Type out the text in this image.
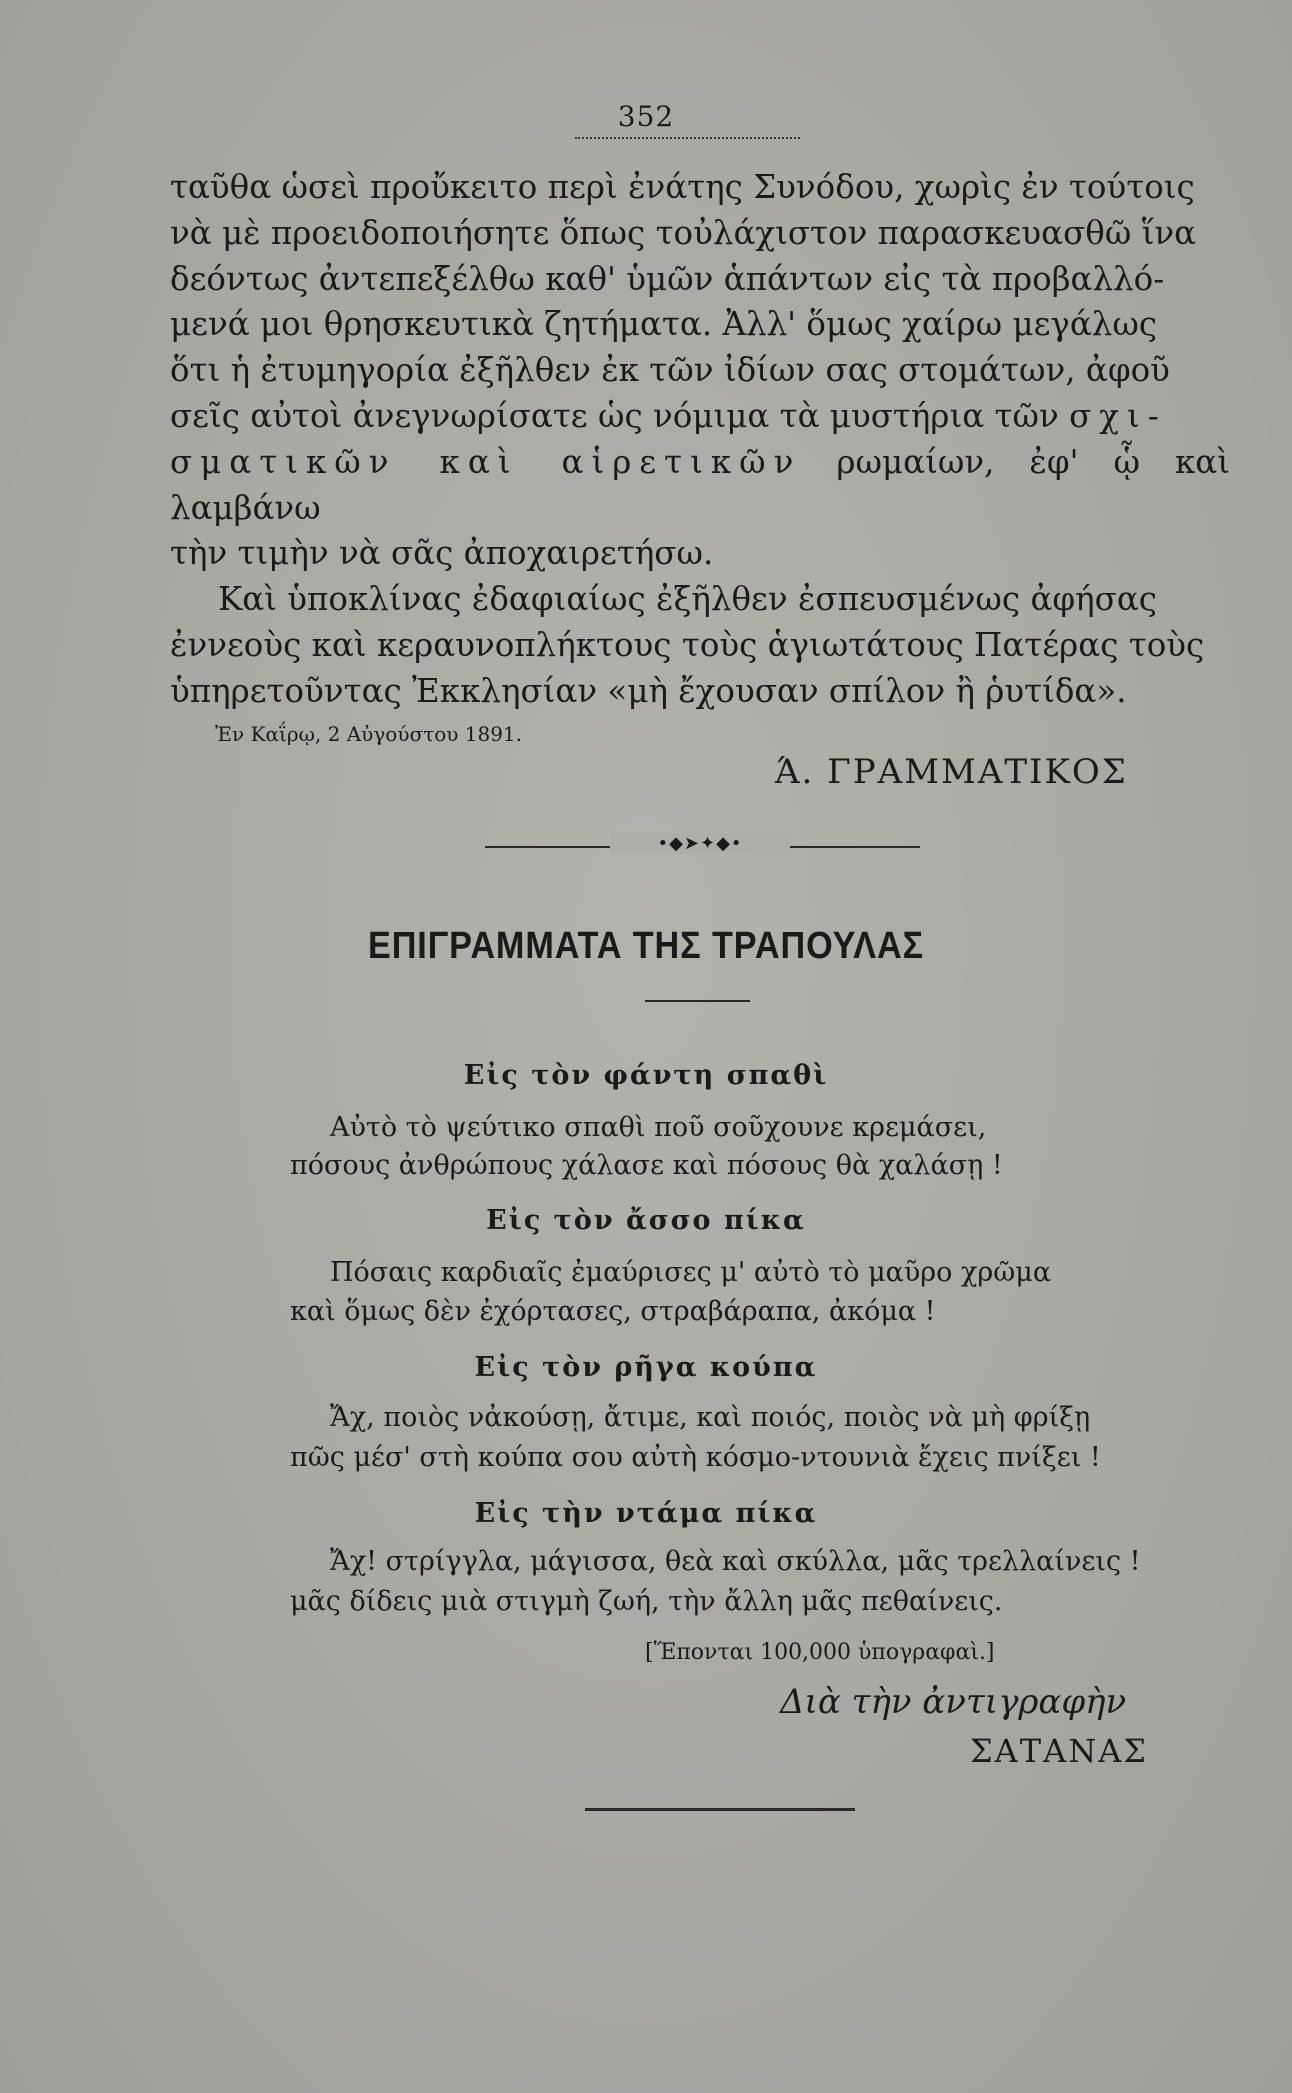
352

ταῦθα ὡσεὶ προὔκειτο περὶ ἐνάτης Συνόδου, χωρὶς ἐν τούτοις

νὰ μὲ προειδοποιήσητε ὅπως τοὐλάχιστον παρασκευασθῶ ἵνα

δεόντως ἀντεπεξέλθω καθ' ὑμῶν ἁπάντων εἰς τὰ προβαλλό-

μενά μοι θρησκευτικὰ ζητήματα. Ἀλλ' ὅμως χαίρω μεγάλως

ὅτι ἡ ἐτυμηγορία ἐξῆλθεν ἐκ τῶν ἰδίων σας στομάτων, ἀφοῦ

σεῖς αὐτοὶ ἀνεγνωρίσατε ὡς νόμιμα τὰ μυστήρια τῶν σχι-

σματικῶν καὶ αἱρετικῶν ρωμαίων, ἐφ' ᾧ καὶ λαμβάνω

τὴν τιμὴν νὰ σᾶς ἀποχαιρετήσω.

Καὶ ὑποκλίνας ἐδαφιαίως ἐξῆλθεν ἐσπευσμένως ἀφήσας

ἐννεοὺς καὶ κεραυνοπλήκτους τοὺς ἁγιωτάτους Πατέρας τοὺς

ὑπηρετοῦντας Ἐκκλησίαν «μὴ ἔχουσαν σπίλον ἢ ῥυτίδα».

Ἐν Καΐρῳ, 2 Αὐγούστου 1891.
Ά. ΓΡΑΜΜΑΤΙΚΟΣ
•◆➤✦◆•
ΕΠΙΓΡΑΜΜΑΤΑ ΤΗΣ ΤΡΑΠΟΥΛΑΣ
Εἰς τὸν φάντη σπαθὶ
Αὐτὸ τὸ ψεύτικο σπαθὶ ποῦ σοῦχουνε κρεμάσει,
πόσους ἀνθρώπους χάλασε καὶ πόσους θὰ χαλάσῃ !
Εἰς τὸν ἄσσο πίκα
Πόσαις καρδιαῖς ἐμαύρισες μ' αὐτὸ τὸ μαῦρο χρῶμα
καὶ ὅμως δὲν ἐχόρτασες, στραβάραπα, ἀκόμα !
Εἰς τὸν ρῆγα κούπα
Ἄχ, ποιὸς νἀκούσῃ, ἄτιμε, καὶ ποιός, ποιὸς νὰ μὴ φρίξῃ
πῶς μέσ' στὴ κούπα σου αὐτὴ κόσμο-ντουνιὰ ἔχεις πνίξει !
Εἰς τὴν ντάμα πίκα
Ἄχ! στρίγγλα, μάγισσα, θεὰ καὶ σκύλλα, μᾶς τρελλαίνεις !
μᾶς δίδεις μιὰ στιγμὴ ζωή, τὴν ἄλλη μᾶς πεθαίνεις.
[Ἕπονται 100,000 ὑπογραφαὶ.]
Διὰ τὴν ἀντιγραφὴν
ΣΑΤΑΝΑΣ
